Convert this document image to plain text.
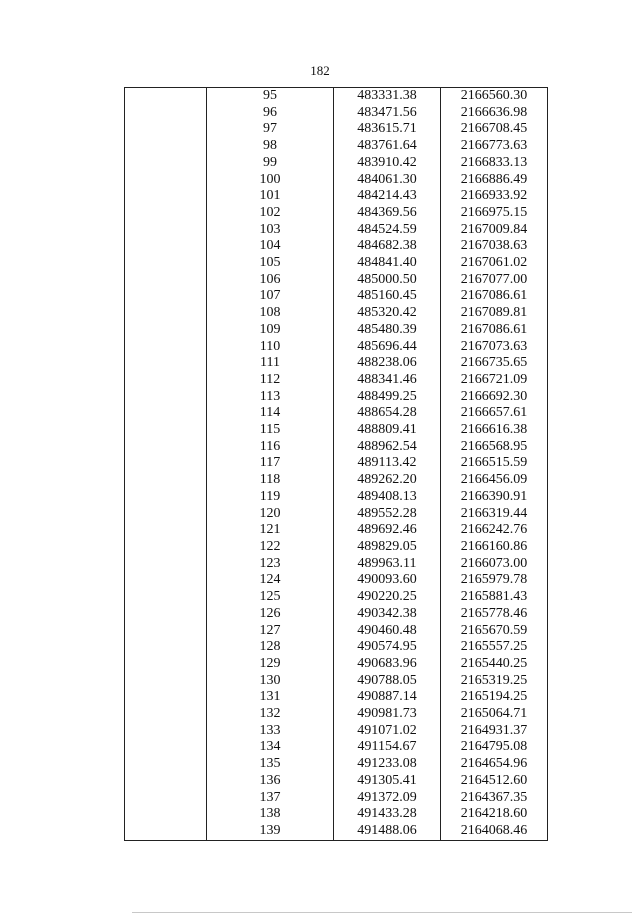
182
	95	483331.38	2166560.30
	96	483471.56	2166636.98
	97	483615.71	2166708.45
	98	483761.64	2166773.63
	99	483910.42	2166833.13
	100	484061.30	2166886.49
	101	484214.43	2166933.92
	102	484369.56	2166975.15
	103	484524.59	2167009.84
	104	484682.38	2167038.63
	105	484841.40	2167061.02
	106	485000.50	2167077.00
	107	485160.45	2167086.61
	108	485320.42	2167089.81
	109	485480.39	2167086.61
	110	485696.44	2167073.63
	111	488238.06	2166735.65
	112	488341.46	2166721.09
	113	488499.25	2166692.30
	114	488654.28	2166657.61
	115	488809.41	2166616.38
	116	488962.54	2166568.95
	117	489113.42	2166515.59
	118	489262.20	2166456.09
	119	489408.13	2166390.91
	120	489552.28	2166319.44
	121	489692.46	2166242.76
	122	489829.05	2166160.86
	123	489963.11	2166073.00
	124	490093.60	2165979.78
	125	490220.25	2165881.43
	126	490342.38	2165778.46
	127	490460.48	2165670.59
	128	490574.95	2165557.25
	129	490683.96	2165440.25
	130	490788.05	2165319.25
	131	490887.14	2165194.25
	132	490981.73	2165064.71
	133	491071.02	2164931.37
	134	491154.67	2164795.08
	135	491233.08	2164654.96
	136	491305.41	2164512.60
	137	491372.09	2164367.35
	138	491433.28	2164218.60
	139	491488.06	2164068.46
